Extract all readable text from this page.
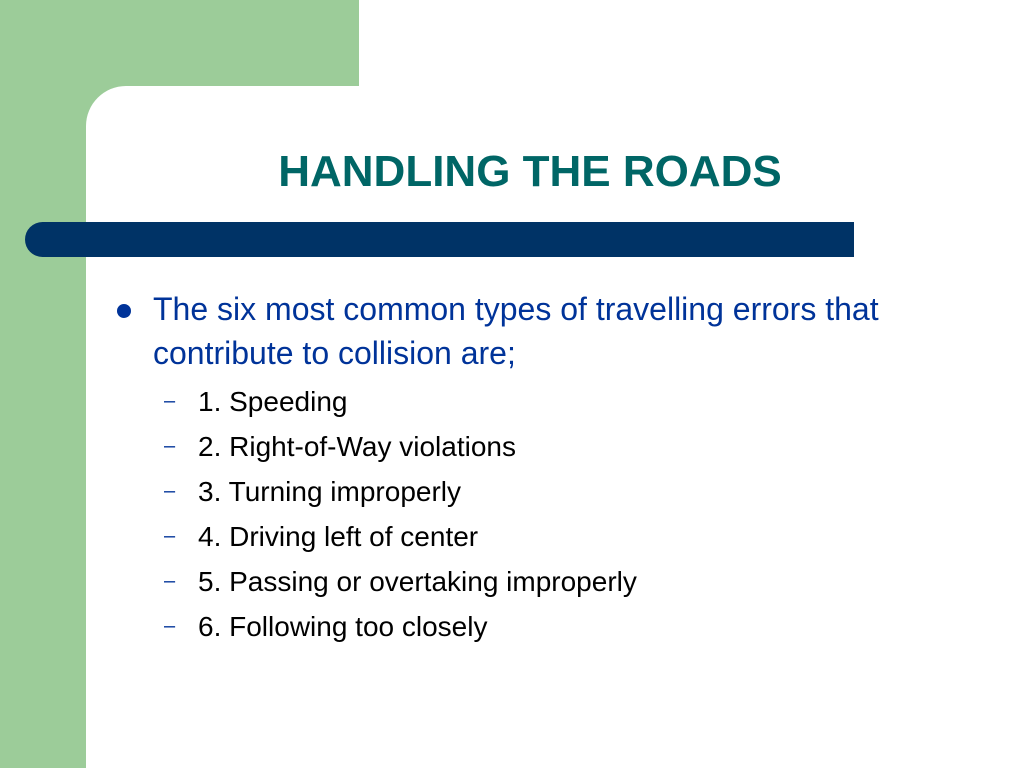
HANDLING THE ROADS
The six most common types of travelling errors that contribute to collision are;
– 1. Speeding
– 2. Right-of-Way violations
– 3. Turning improperly
– 4. Driving left of center
– 5. Passing or overtaking improperly
– 6. Following too closely
